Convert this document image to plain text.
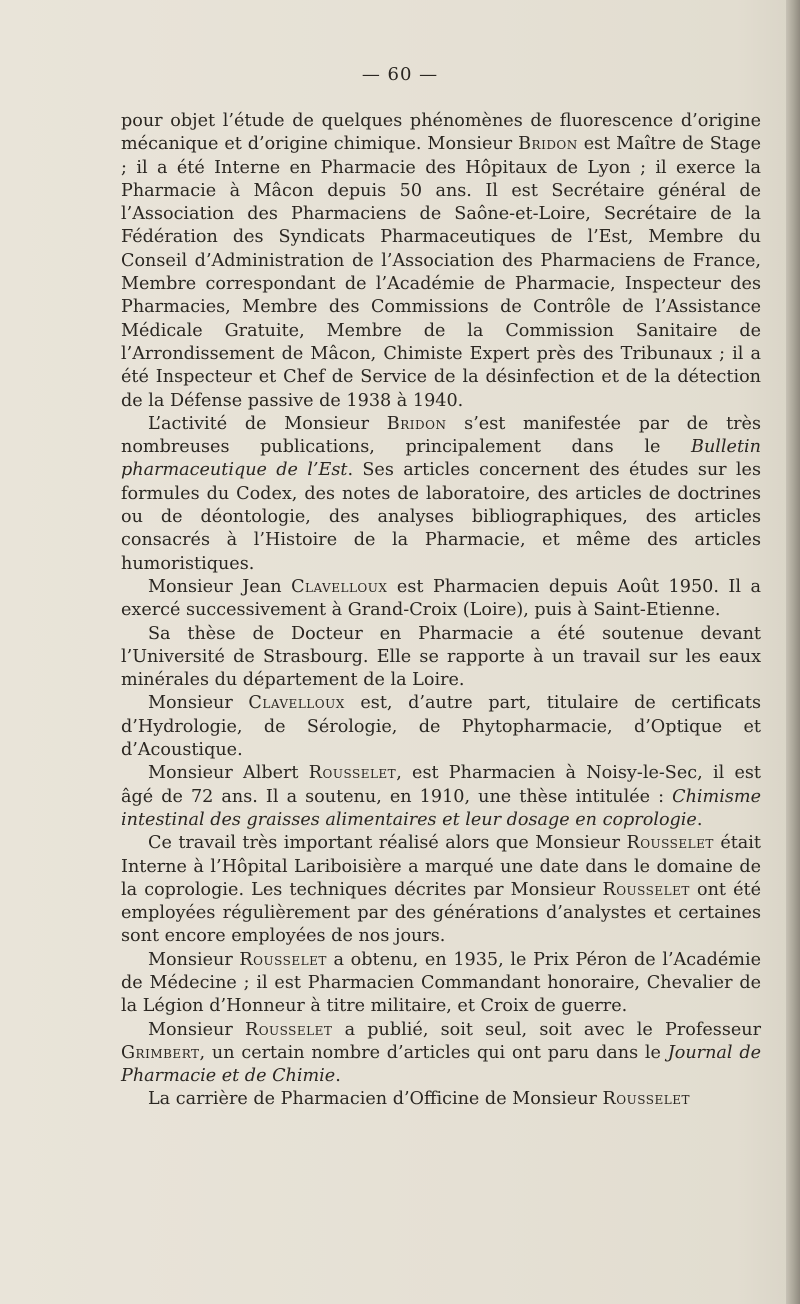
— 60 —

pour objet l’étude de quelques phénomènes de fluorescence d’origine mécanique et d’origine chimique. Monsieur Bridon est Maître de Stage ; il a été Interne en Pharmacie des Hôpitaux de Lyon ; il exerce la Pharmacie à Mâcon depuis 50 ans. Il est Secrétaire général de l’Association des Pharmaciens de Saône-et-Loire, Secrétaire de la Fédération des Syndicats Pharmaceutiques de l’Est, Membre du Conseil d’Administration de l’Association des Pharmaciens de France, Membre correspondant de l’Académie de Pharmacie, Inspecteur des Pharmacies, Membre des Commissions de Contrôle de l’Assistance Médicale Gratuite, Membre de la Commission Sanitaire de l’Arrondissement de Mâcon, Chimiste Expert près des Tribunaux ; il a été Inspecteur et Chef de Service de la désinfection et de la détection de la Défense passive de 1938 à 1940.

L’activité de Monsieur Bridon s’est manifestée par de très nombreuses publications, principalement dans le Bulletin pharmaceutique de l’Est. Ses articles concernent des études sur les formules du Codex, des notes de laboratoire, des articles de doctrines ou de déontologie, des analyses bibliographiques, des articles consacrés à l’Histoire de la Pharmacie, et même des articles humoristiques.

Monsieur Jean Clavelloux est Pharmacien depuis Août 1950. Il a exercé successivement à Grand-Croix (Loire), puis à Saint-Etienne.

Sa thèse de Docteur en Pharmacie a été soutenue devant l’Université de Strasbourg. Elle se rapporte à un travail sur les eaux minérales du département de la Loire.

Monsieur Clavelloux est, d’autre part, titulaire de certificats d’Hydrologie, de Sérologie, de Phytopharmacie, d’Optique et d’Acoustique.

Monsieur Albert Rousselet, est Pharmacien à Noisy-le-Sec, il est âgé de 72 ans. Il a soutenu, en 1910, une thèse intitulée : Chimisme intestinal des graisses alimentaires et leur dosage en coprologie.

Ce travail très important réalisé alors que Monsieur Rousselet était Interne à l’Hôpital Lariboisière a marqué une date dans le domaine de la coprologie. Les techniques décrites par Monsieur Rousselet ont été employées régulièrement par des générations d’analystes et certaines sont encore employées de nos jours.

Monsieur Rousselet a obtenu, en 1935, le Prix Péron de l’Académie de Médecine ; il est Pharmacien Commandant honoraire, Chevalier de la Légion d’Honneur à titre militaire, et Croix de guerre.

Monsieur Rousselet a publié, soit seul, soit avec le Professeur Grimbert, un certain nombre d’articles qui ont paru dans le Journal de Pharmacie et de Chimie.

La carrière de Pharmacien d’Officine de Monsieur Rousselet
